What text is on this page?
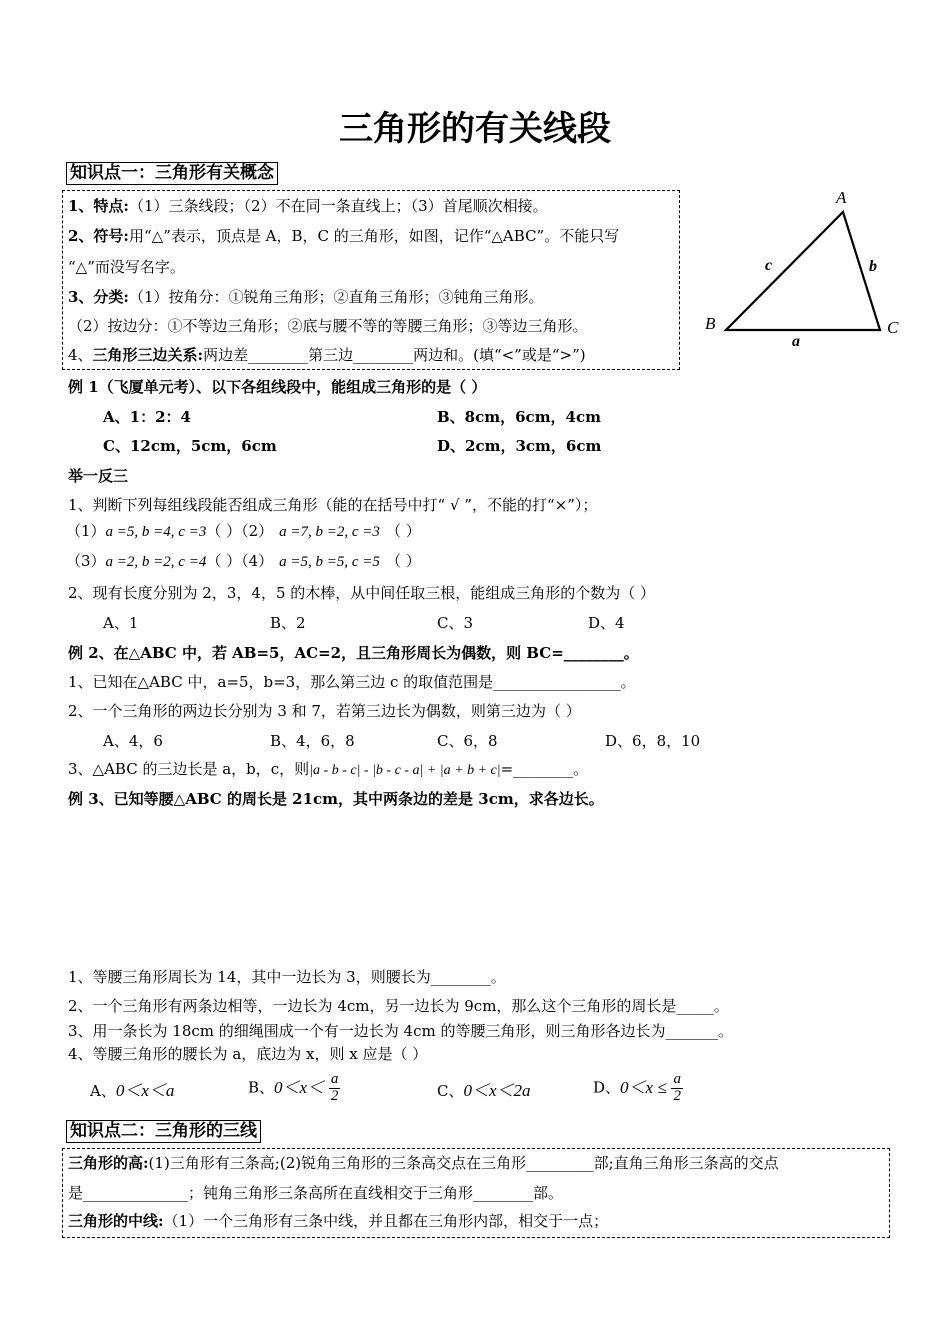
三角形的有关线段
知识点一：三角形有关概念
1、特点:（1）三条线段；（2）不在同一条直线上；（3）首尾顺次相接。
2、符号:用“△”表示，顶点是 A，B，C 的三角形，如图，记作“△ABC”。不能只写
“△”而没写名字。
3、分类:（1）按角分：①锐角三角形；②直角三角形；③钝角三角形。
（2）按边分：①不等边三角形；②底与腰不等的等腰三角形；③等边三角形。
4、三角形三边关系:两边差________第三边________两边和。(填“<”或是“>”)
A
B	C
a
b
c
例 1（飞厦单元考）、以下各组线段中，能组成三角形的是（ ）
A、1：2：4	B、8cm，6cm，4cm
C、12cm，5cm，6cm	D、2cm，3cm，6cm
举一反三
1、判断下列每组线段能否组成三角形（能的在括号中打“ √ ”，不能的打“×”）；
（1）a =5, b =4, c =3（ ）（2） a =7, b =2, c =3 （ ）
（3）a =2, b =2, c =4（ ）（4） a =5, b =5, c =5 （ ）
2、现有长度分别为 2，3，4，5 的木棒，从中间任取三根，能组成三角形的个数为（ ）
A、1	B、2	C、3	D、4
例 2、在△ABC 中，若 AB=5，AC=2，且三角形周长为偶数，则 BC=________。
1、已知在△ABC 中，a=5，b=3，那么第三边 c 的取值范围是_________________。
2、一个三角形的两边长分别为 3 和 7，若第三边长为偶数，则第三边为（ ）
A、4，6	B、4，6，8	C、6，8	D、6，8，10
3、△ABC 的三边长是 a，b，c，则|a - b - c| - |b - c - a| + |a + b + c|=________。
例 3、已知等腰△ABC 的周长是 21cm，其中两条边的差是 3cm，求各边长。
1、等腰三角形周长为 14，其中一边长为 3，则腰长为________。
2、一个三角形有两条边相等，一边长为 4cm，另一边长为 9cm，那么这个三角形的周长是_____。
3、用一条长为 18cm 的细绳围成一个有一边长为 4cm 的等腰三角形，则三角形各边长为_______。
4、等腰三角形的腰长为 a，底边为 x，则 x 应是（ ）
A、0＜x＜a	B、$0<x< \frac{a}{2}$	C、0＜x＜2a	D、$0<x \le \frac{a}{2}$
知识点二：三角形的三线
三角形的高:(1)三角形有三条高;(2)锐角三角形的三条高交点在三角形_________部;直角三角形三条高的交点
是______________；钝角三角形三条高所在直线相交于三角形________部。
三角形的中线:（1）一个三角形有三条中线，并且都在三角形内部，相交于一点；
